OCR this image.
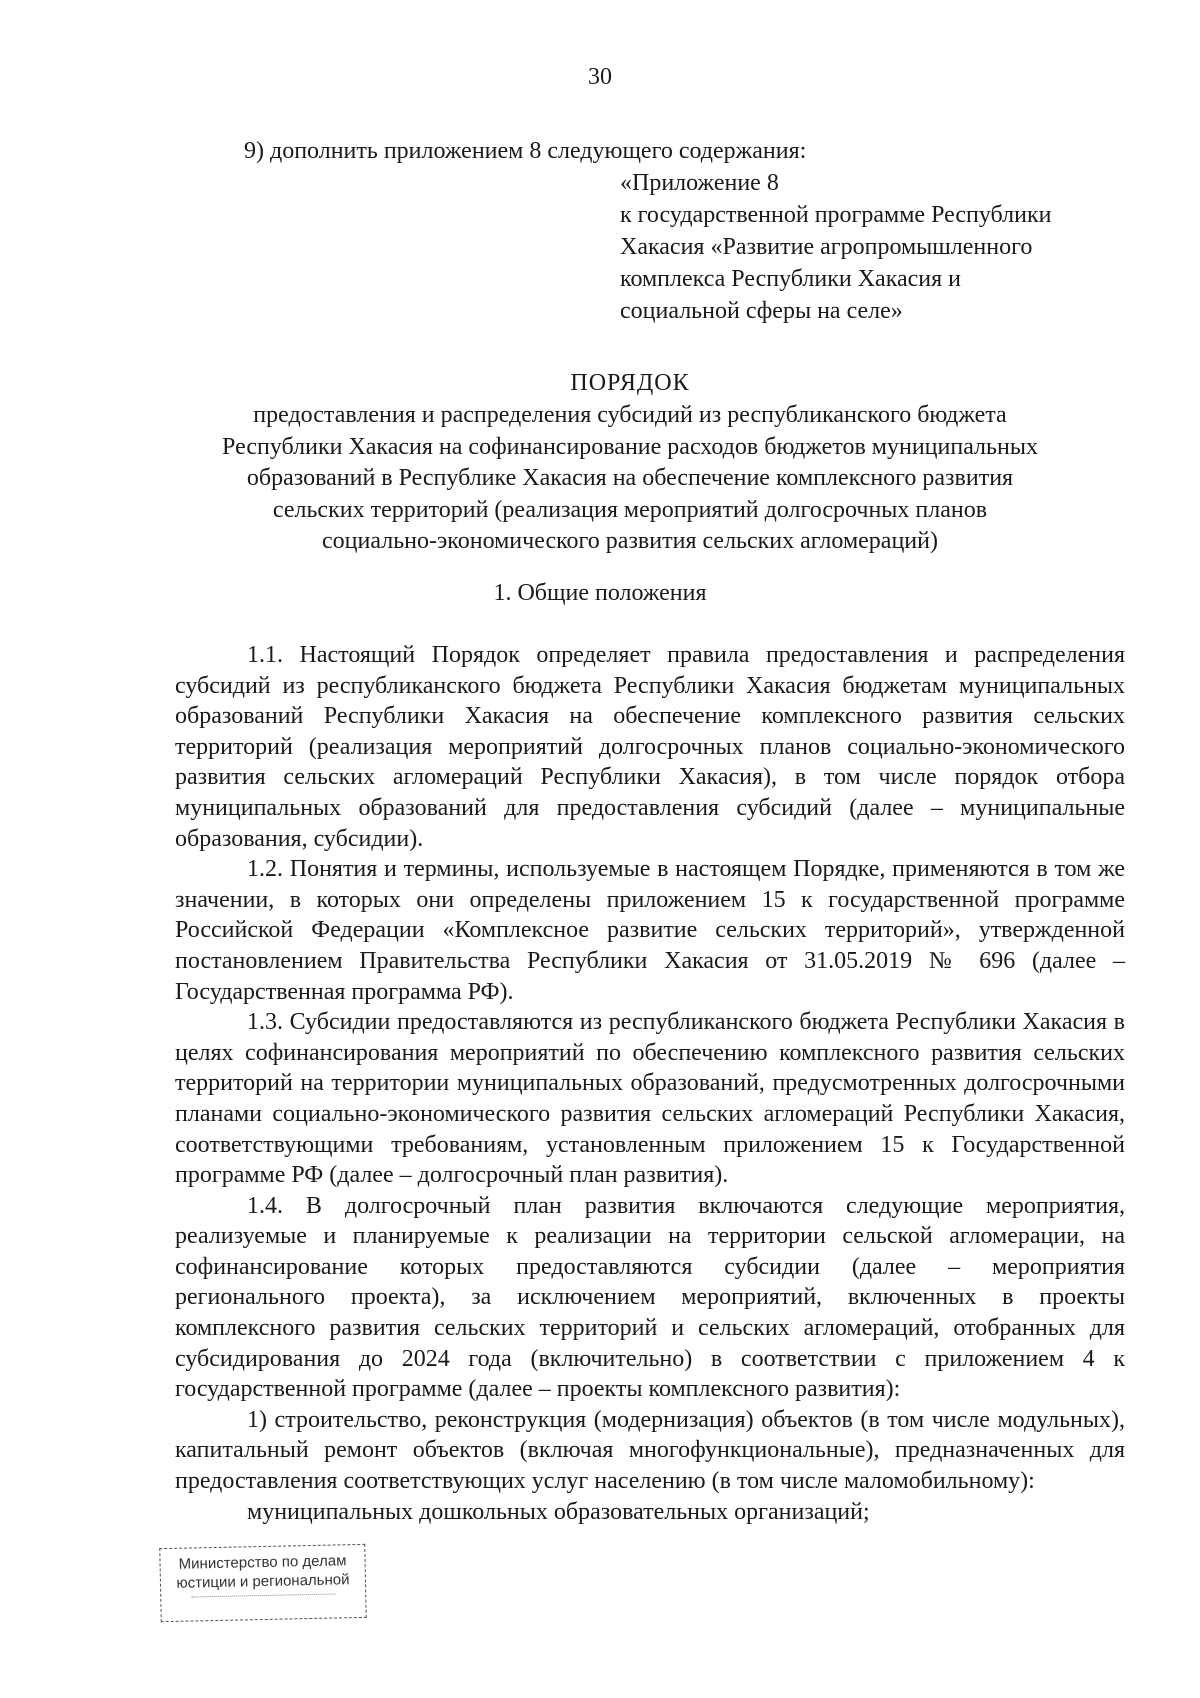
30
9) дополнить приложением 8 следующего содержания:
«Приложение 8
к государственной программе Республики
Хакасия «Развитие агропромышленного
комплекса Республики Хакасия и
социальной сферы на селе»
ПОРЯДОК
предоставления и распределения субсидий из республиканского бюджета
Республики Хакасия на софинансирование расходов бюджетов муниципальных
образований в Республике Хакасия на обеспечение комплексного развития
сельских территорий (реализация мероприятий долгосрочных планов
социально-экономического развития сельских агломераций)
1. Общие положения

1.1. Настоящий Порядок определяет правила предоставления и распределения субсидий из республиканского бюджета Республики Хакасия бюджетам муниципальных образований Республики Хакасия на обеспечение комплексного развития сельских территорий (реализация мероприятий долгосрочных планов социально-экономического развития сельских агломераций Республики Хакасия), в том числе порядок отбора муниципальных образований для предоставления субсидий (далее – муниципальные образования, субсидии).

1.2. Понятия и термины, используемые в настоящем Порядке, применяются в том же значении, в которых они определены приложением 15 к государственной программе Российской Федерации «Комплексное развитие сельских территорий», утвержденной постановлением Правительства Республики Хакасия от 31.05.2019 № 696 (далее – Государственная программа РФ).

1.3. Субсидии предоставляются из республиканского бюджета Республики Хакасия в целях софинансирования мероприятий по обеспечению комплексного развития сельских территорий на территории муниципальных образований, предусмотренных долгосрочными планами социально-экономического развития сельских агломераций Республики Хакасия, соответствующими требованиям, установленным приложением 15 к Государственной программе РФ (далее – долгосрочный план развития).

1.4. В долгосрочный план развития включаются следующие мероприятия, реализуемые и планируемые к реализации на территории сельской агломерации, на софинансирование которых предоставляются субсидии (далее – мероприятия регионального проекта), за исключением мероприятий, включенных в проекты комплексного развития сельских территорий и сельских агломераций, отобранных для субсидирования до 2024 года (включительно) в соответствии с приложением 4 к государственной программе (далее – проекты комплексного развития):

1) строительство, реконструкция (модернизация) объектов (в том числе модульных), капитальный ремонт объектов (включая многофункциональные), предназначенных для предоставления соответствующих услуг населению (в том числе маломобильному):

муниципальных дошкольных образовательных организаций;
Министерство по делам
юстиции и региональной
